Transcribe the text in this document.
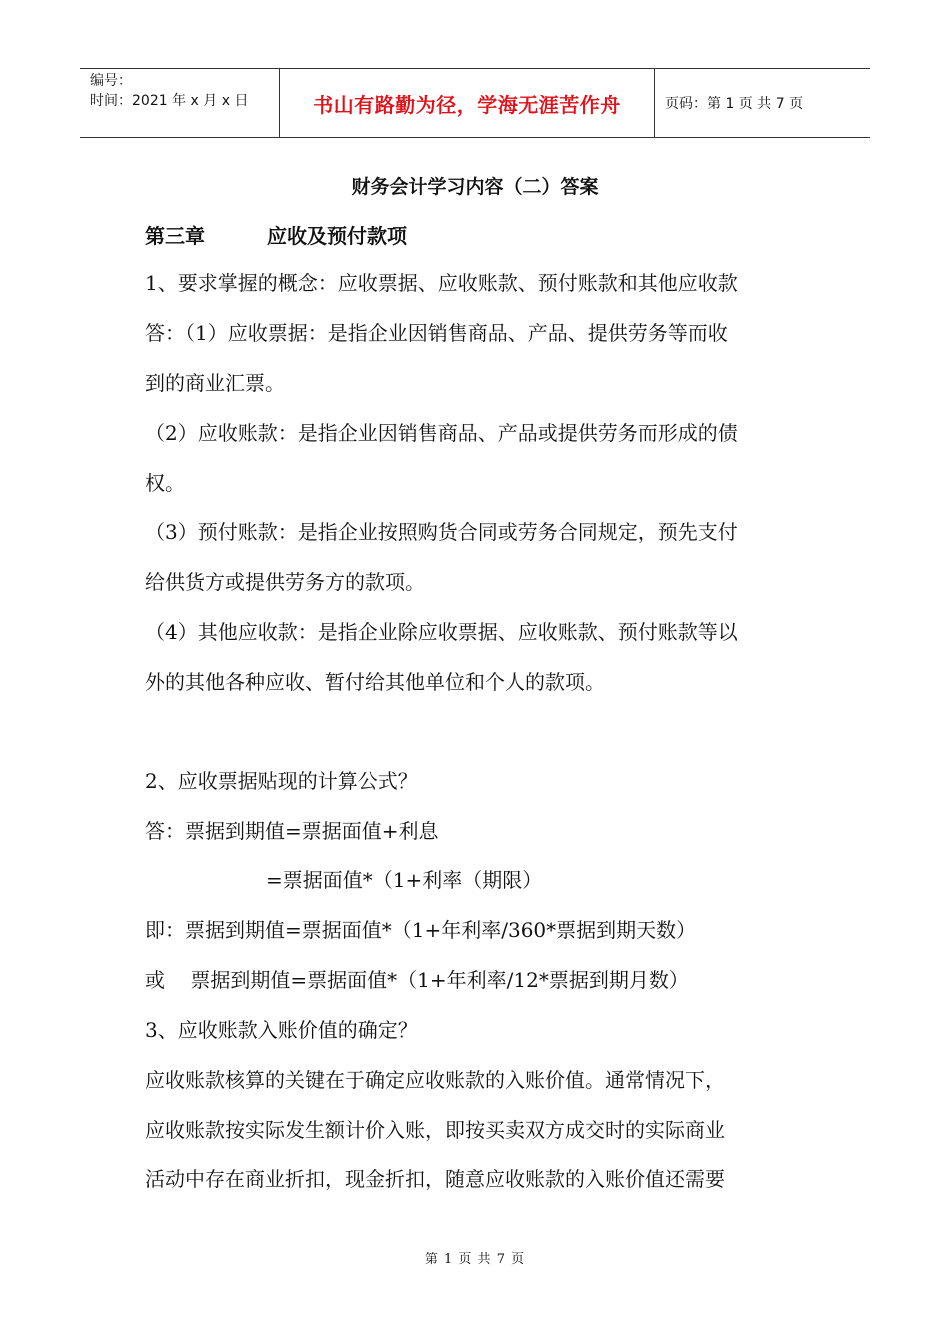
编号：
时间：2021 年 x 月 x 日	书山有路勤为径，学海无涯苦作舟	页码：第 1 页 共 7 页
财务会计学习内容（二）答案
第三章	应收及预付款项
1、要求掌握的概念：应收票据、应收账款、预付账款和其他应收款
答：（1）应收票据：是指企业因销售商品、产品、提供劳务等而收
到的商业汇票。
（2）应收账款：是指企业因销售商品、产品或提供劳务而形成的债
权。
（3）预付账款：是指企业按照购货合同或劳务合同规定，预先支付
给供货方或提供劳务方的款项。
（4）其他应收款：是指企业除应收票据、应收账款、预付账款等以
外的其他各种应收、暂付给其他单位和个人的款项。
2、应收票据贴现的计算公式？
答：票据到期值=票据面值+利息
=票据面值*（1+利率（期限）
即：票据到期值=票据面值*（1+年利率/360*票据到期天数）
或    票据到期值=票据面值*（1+年利率/12*票据到期月数）
3、应收账款入账价值的确定？
应收账款核算的关键在于确定应收账款的入账价值。通常情况下，
应收账款按实际发生额计价入账，即按买卖双方成交时的实际商业
活动中存在商业折扣，现金折扣，随意应收账款的入账价值还需要
第 1 页 共 7 页
